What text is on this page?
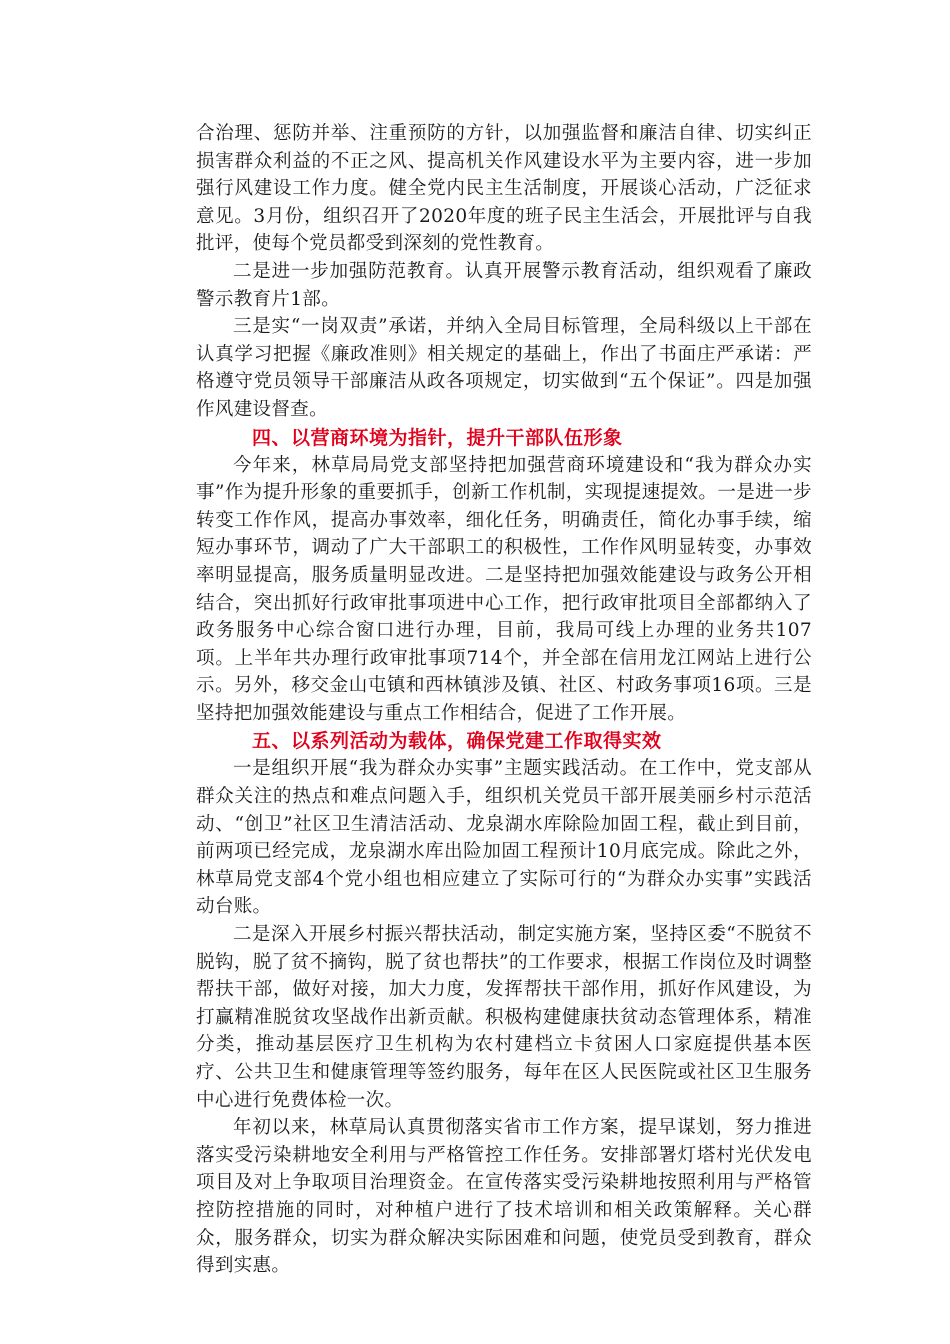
合治理、惩防并举、注重预防的方针，以加强监督和廉洁自律、切实纠正损害群众利益的不正之风、提高机关作风建设水平为主要内容，进一步加强行风建设工作力度。健全党内民主生活制度，开展谈心活动，广泛征求意见。3月份，组织召开了2020年度的班子民主生活会，开展批评与自我批评，使每个党员都受到深刻的党性教育。

二是进一步加强防范教育。认真开展警示教育活动，组织观看了廉政警示教育片1部。

三是实“一岗双责”承诺，并纳入全局目标管理，全局科级以上干部在认真学习把握《廉政准则》相关规定的基础上，作出了书面庄严承诺：严格遵守党员领导干部廉洁从政各项规定，切实做到“五个保证”。四是加强作风建设督查。

四、以营商环境为指针，提升干部队伍形象

今年来，林草局局党支部坚持把加强营商环境建设和“我为群众办实事”作为提升形象的重要抓手，创新工作机制，实现提速提效。一是进一步转变工作作风，提高办事效率，细化任务，明确责任，简化办事手续，缩短办事环节，调动了广大干部职工的积极性，工作作风明显转变，办事效率明显提高，服务质量明显改进。二是坚持把加强效能建设与政务公开相结合，突出抓好行政审批事项进中心工作，把行政审批项目全部都纳入了政务服务中心综合窗口进行办理，目前，我局可线上办理的业务共107项。上半年共办理行政审批事项714个，并全部在信用龙江网站上进行公示。另外，移交金山屯镇和西林镇涉及镇、社区、村政务事项16项。三是坚持把加强效能建设与重点工作相结合，促进了工作开展。

五、以系列活动为载体，确保党建工作取得实效

一是组织开展“我为群众办实事”主题实践活动。在工作中，党支部从群众关注的热点和难点问题入手，组织机关党员干部开展美丽乡村示范活动、“创卫”社区卫生清洁活动、龙泉湖水库除险加固工程，截止到目前，前两项已经完成，龙泉湖水库出险加固工程预计10月底完成。除此之外，林草局党支部4个党小组也相应建立了实际可行的“为群众办实事”实践活动台账。

二是深入开展乡村振兴帮扶活动，制定实施方案，坚持区委“不脱贫不脱钩，脱了贫不摘钩，脱了贫也帮扶”的工作要求，根据工作岗位及时调整帮扶干部，做好对接，加大力度，发挥帮扶干部作用，抓好作风建设，为打赢精准脱贫攻坚战作出新贡献。积极构建健康扶贫动态管理体系，精准分类，推动基层医疗卫生机构为农村建档立卡贫困人口家庭提供基本医疗、公共卫生和健康管理等签约服务，每年在区人民医院或社区卫生服务中心进行免费体检一次。

年初以来，林草局认真贯彻落实省市工作方案，提早谋划，努力推进落实受污染耕地安全利用与严格管控工作任务。安排部署灯塔村光伏发电项目及对上争取项目治理资金。在宣传落实受污染耕地按照利用与严格管控防控措施的同时，对种植户进行了技术培训和相关政策解释。关心群众，服务群众，切实为群众解决实际困难和问题，使党员受到教育，群众得到实惠。
